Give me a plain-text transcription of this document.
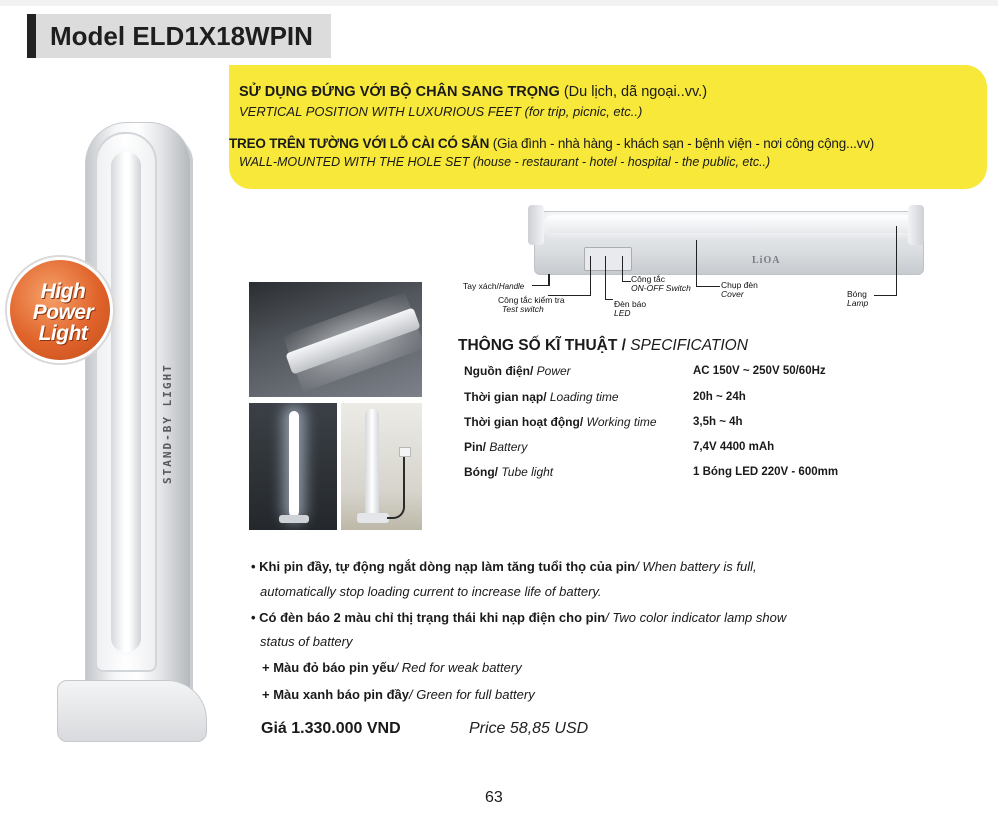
Model ELD1X18WPIN
SỬ DỤNG ĐỨNG VỚI BỘ CHÂN SANG TRỌNG (Du lịch, dã ngoại..vv.)
VERTICAL POSITION WITH LUXURIOUS FEET (for trip, picnic, etc..)
TREO TRÊN TƯỜNG VỚI LỖ CÀI CÓ SẴN (Gia đình - nhà hàng - khách sạn - bệnh viện - nơi công cộng...vv)
WALL-MOUNTED WITH THE HOLE SET (house - restaurant - hotel - hospital - the public, etc..)
STAND-BY LIGHT
High
Power
Light
LiOA
Tay xách/Handle
Công tắc kiểm tra
Test switch
Công tắc
ON-OFF Switch
Đèn báo
LED
Chụp đèn
Cover	Bóng
Lamp
THÔNG SỐ KĨ THUẬT / SPECIFICATION
Nguồn điện/ Power	AC 150V ~ 250V 50/60Hz
Thời gian nạp/ Loading time	20h ~ 24h
Thời gian hoạt động/ Working time	3,5h ~ 4h
Pin/ Battery	7,4V 4400 mAh
Bóng/ Tube light	1 Bóng LED 220V - 600mm
• Khi pin đầy, tự động ngắt dòng nạp làm tăng tuổi thọ của pin/ When battery is full,
automatically stop loading current to increase life of battery.
• Có đèn báo 2 màu chỉ thị trạng thái khi nạp điện cho pin/ Two color indicator lamp show
status of battery
+ Màu đỏ báo pin yếu/ Red for weak battery
+ Màu xanh báo pin đầy/ Green for full battery
Giá 1.330.000 VND	Price 58,85 USD
63
